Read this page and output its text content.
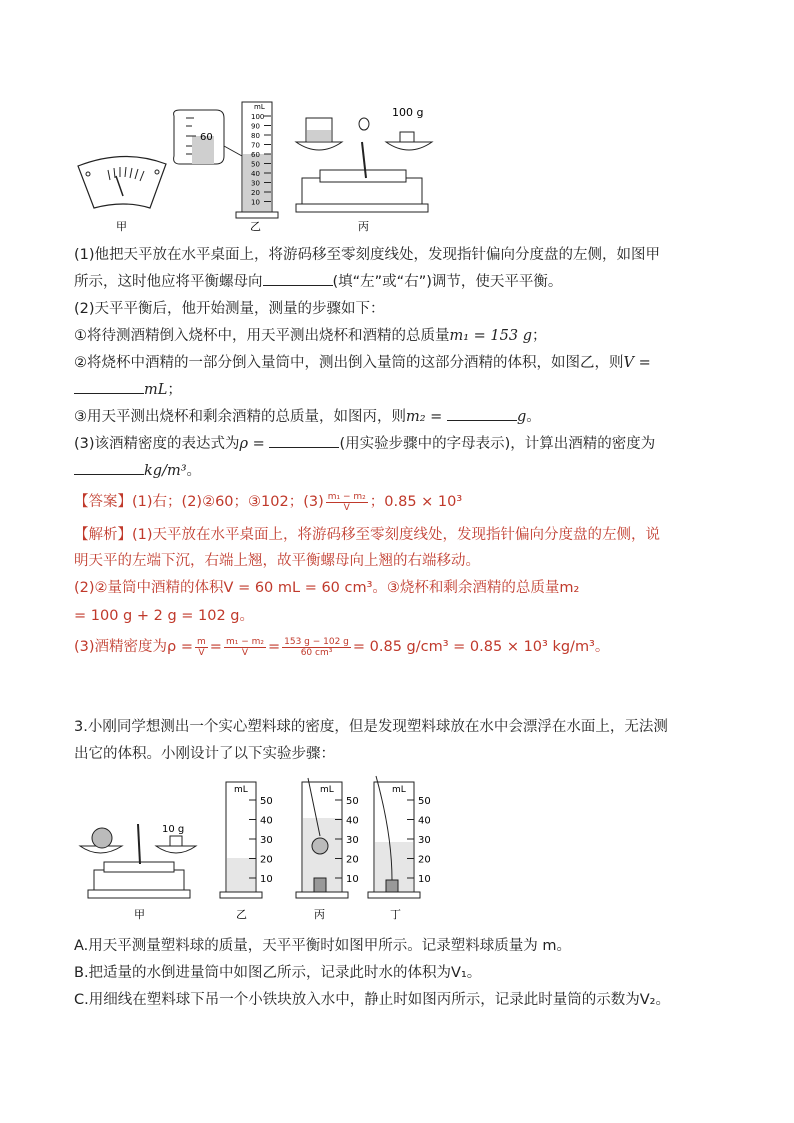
60
mL
100
90
80
70
60
50
40
30
20
10
100 g
甲	乙	丙
(1)他把天平放在水平桌面上，将游码移至零刻度线处，发现指针偏向分度盘的左侧，如图甲
所示，这时他应将平衡螺母向	(填“左”或“右”)调节，使天平平衡。
(2)天平平衡后，他开始测量，测量的步骤如下：
①将待测酒精倒入烧杯中，用天平测出烧杯和酒精的总质量m₁ = 153 g；
②将烧杯中酒精的一部分倒入量筒中，测出倒入量筒的这部分酒精的体积，如图乙，则V =
mL；
③用天平测出烧杯和剩余酒精的总质量，如图丙，则m₂ =	g。
(3)该酒精密度的表达式为ρ =	(用实验步骤中的字母表示)，计算出酒精的密度为
kg/m³。
【答案】(1)右；(2)②60；③102；$(3) \frac{\text{m₁ − m₂}}{V}$ ；0.85 × 10³
【解析】(1)天平放在水平桌面上，将游码移至零刻度线处，发现指针偏向分度盘的左侧，说
明天平的左端下沉，右端上翘，故平衡螺母向上翘的右端移动。
(2)②量筒中酒精的体积V = 60 mL = 60 cm³。③烧杯和剩余酒精的总质量m₂
= 100 g + 2 g = 102 g。
(3)酒精密度为$\rho = \frac{m}{V} = \frac{\text{m₁ − m₂}}{V} = \frac{153 g - 102 g}{\text{60 cm³}} = 0.85$ g/cm³ = 0.85 × 10³ kg/m³。
3.小刚同学想测出一个实心塑料球的密度，但是发现塑料球放在水中会漂浮在水面上，无法测
出它的体积。小刚设计了以下实验步骤：
10 g
50
40
30
20
10
mL
50
40
30
20
10
mL
50
40
30
20
10
mL
甲	乙	丙	丁
A.用天平测量塑料球的质量，天平平衡时如图甲所示。记录塑料球质量为 m。
B.把适量的水倒进量筒中如图乙所示，记录此时水的体积为V₁。
C.用细线在塑料球下吊一个小铁块放入水中，静止时如图丙所示，记录此时量筒的示数为V₂。
